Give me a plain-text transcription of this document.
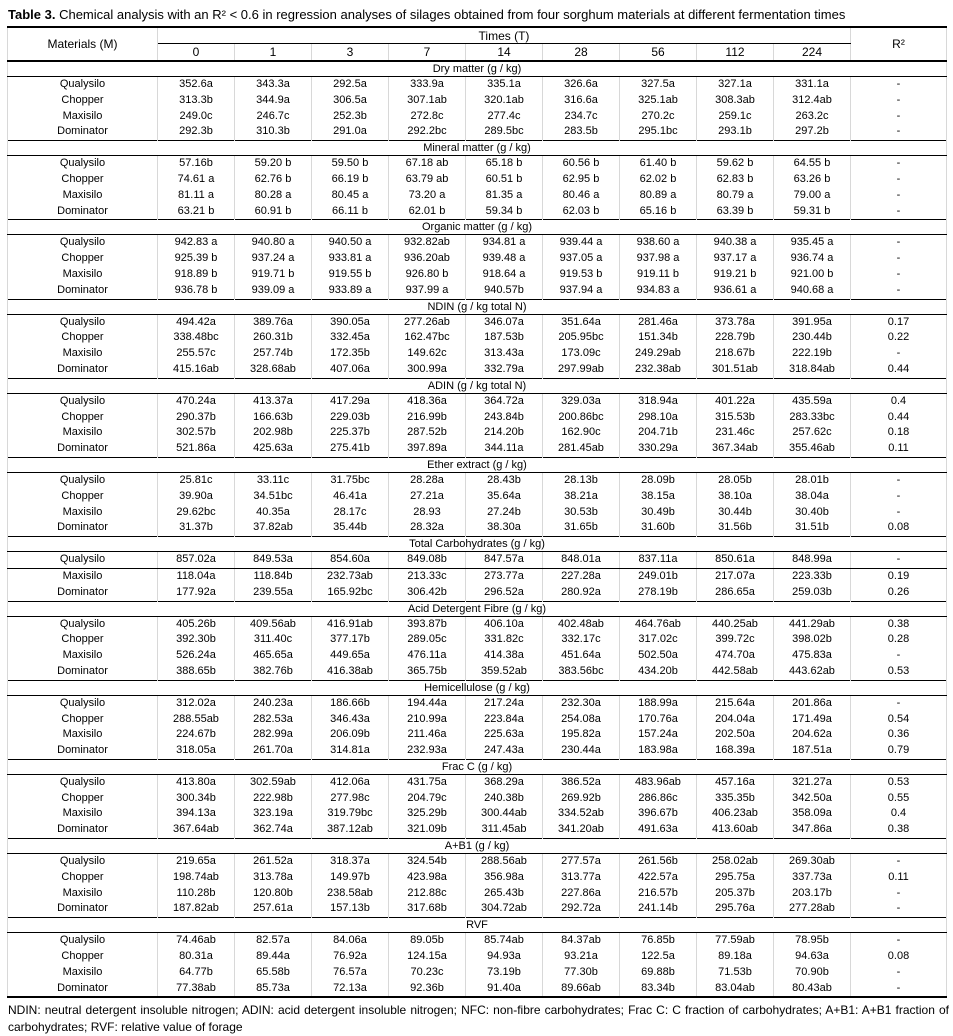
Table 3. Chemical analysis with an R² < 0.6 in regression analyses of silages obtained from four sorghum materials at different fermentation times
Materials (M)	Times (T)									R²
	0	1	3	7	14	28	56	112	224	
Dry matter (g / kg)										
Qualysilo	352.6a	343.3a	292.5a	333.9a	335.1a	326.6a	327.5a	327.1a	331.1a	-
Chopper	313.3b	344.9a	306.5a	307.1ab	320.1ab	316.6a	325.1ab	308.3ab	312.4ab	-
Maxisilo	249.0c	246.7c	252.3b	272.8c	277.4c	234.7c	270.2c	259.1c	263.2c	-
Dominator	292.3b	310.3b	291.0a	292.2bc	289.5bc	283.5b	295.1bc	293.1b	297.2b	-
Mineral matter (g / kg)										
Qualysilo	57.16b	59.20 b	59.50 b	67.18 ab	65.18 b	60.56 b	61.40 b	59.62 b	64.55 b	-
Chopper	74.61 a	62.76 b	66.19 b	63.79 ab	60.51 b	62.95 b	62.02 b	62.83 b	63.26 b	-
Maxisilo	81.11 a	80.28 a	80.45 a	73.20 a	81.35 a	80.46 a	80.89 a	80.79 a	79.00 a	-
Dominator	63.21 b	60.91 b	66.11 b	62.01 b	59.34 b	62.03 b	65.16 b	63.39 b	59.31 b	-
Organic matter (g / kg)										
Qualysilo	942.83 a	940.80 a	940.50 a	932.82ab	934.81 a	939.44 a	938.60 a	940.38 a	935.45 a	-
Chopper	925.39 b	937.24 a	933.81 a	936.20ab	939.48 a	937.05 a	937.98 a	937.17 a	936.74 a	-
Maxisilo	918.89 b	919.71 b	919.55 b	926.80 b	918.64 a	919.53 b	919.11 b	919.21 b	921.00 b	-
Dominator	936.78 b	939.09 a	933.89 a	937.99 a	940.57b	937.94 a	934.83 a	936.61 a	940.68 a	-
NDIN (g / kg total N)										
Qualysilo	494.42a	389.76a	390.05a	277.26ab	346.07a	351.64a	281.46a	373.78a	391.95a	0.17
Chopper	338.48bc	260.31b	332.45a	162.47bc	187.53b	205.95bc	151.34b	228.79b	230.44b	0.22
Maxisilo	255.57c	257.74b	172.35b	149.62c	313.43a	173.09c	249.29ab	218.67b	222.19b	-
Dominator	415.16ab	328.68ab	407.06a	300.99a	332.79a	297.99ab	232.38ab	301.51ab	318.84ab	0.44
ADIN (g / kg total N)										
Qualysilo	470.24a	413.37a	417.29a	418.36a	364.72a	329.03a	318.94a	401.22a	435.59a	0.4
Chopper	290.37b	166.63b	229.03b	216.99b	243.84b	200.86bc	298.10a	315.53b	283.33bc	0.44
Maxisilo	302.57b	202.98b	225.37b	287.52b	214.20b	162.90c	204.71b	231.46c	257.62c	0.18
Dominator	521.86a	425.63a	275.41b	397.89a	344.11a	281.45ab	330.29a	367.34ab	355.46ab	0.11
Ether extract (g / kg)										
Qualysilo	25.81c	33.11c	31.75bc	28.28a	28.43b	28.13b	28.09b	28.05b	28.01b	-
Chopper	39.90a	34.51bc	46.41a	27.21a	35.64a	38.21a	38.15a	38.10a	38.04a	-
Maxisilo	29.62bc	40.35a	28.17c	28.93	27.24b	30.53b	30.49b	30.44b	30.40b	-
Dominator	31.37b	37.82ab	35.44b	28.32a	38.30a	31.65b	31.60b	31.56b	31.51b	0.08
Total Carbohydrates (g / kg)										
Qualysilo	857.02a	849.53a	854.60a	849.08b	847.57a	848.01a	837.11a	850.61a	848.99a	-
Maxisilo	118.04a	118.84b	232.73ab	213.33c	273.77a	227.28a	249.01b	217.07a	223.33b	0.19
Dominator	177.92a	239.55a	165.92bc	306.42b	296.52a	280.92a	278.19b	286.65a	259.03b	0.26
Acid Detergent Fibre (g / kg)										
Qualysilo	405.26b	409.56ab	416.91ab	393.87b	406.10a	402.48ab	464.76ab	440.25ab	441.29ab	0.38
Chopper	392.30b	311.40c	377.17b	289.05c	331.82c	332.17c	317.02c	399.72c	398.02b	0.28
Maxisilo	526.24a	465.65a	449.65a	476.11a	414.38a	451.64a	502.50a	474.70a	475.83a	-
Dominator	388.65b	382.76b	416.38ab	365.75b	359.52ab	383.56bc	434.20b	442.58ab	443.62ab	0.53
Hemicellulose (g / kg)										
Qualysilo	312.02a	240.23a	186.66b	194.44a	217.24a	232.30a	188.99a	215.64a	201.86a	-
Chopper	288.55ab	282.53a	346.43a	210.99a	223.84a	254.08a	170.76a	204.04a	171.49a	0.54
Maxisilo	224.67b	282.99a	206.09b	211.46a	225.63a	195.82a	157.24a	202.50a	204.62a	0.36
Dominator	318.05a	261.70a	314.81a	232.93a	247.43a	230.44a	183.98a	168.39a	187.51a	0.79
Frac C (g / kg)										
Qualysilo	413.80a	302.59ab	412.06a	431.75a	368.29a	386.52a	483.96ab	457.16a	321.27a	0.53
Chopper	300.34b	222.98b	277.98c	204.79c	240.38b	269.92b	286.86c	335.35b	342.50a	0.55
Maxisilo	394.13a	323.19a	319.79bc	325.29b	300.44ab	334.52ab	396.67b	406.23ab	358.09a	0.4
Dominator	367.64ab	362.74a	387.12ab	321.09b	311.45ab	341.20ab	491.63a	413.60ab	347.86a	0.38
A+B1 (g / kg)										
Qualysilo	219.65a	261.52a	318.37a	324.54b	288.56ab	277.57a	261.56b	258.02ab	269.30ab	-
Chopper	198.74ab	313.78a	149.97b	423.98a	356.98a	313.77a	422.57a	295.75a	337.73a	0.11
Maxisilo	110.28b	120.80b	238.58ab	212.88c	265.43b	227.86a	216.57b	205.37b	203.17b	-
Dominator	187.82ab	257.61a	157.13b	317.68b	304.72ab	292.72a	241.14b	295.76a	277.28ab	-
RVF										
Qualysilo	74.46ab	82.57a	84.06a	89.05b	85.74ab	84.37ab	76.85b	77.59ab	78.95b	-
Chopper	80.31a	89.44a	76.92a	124.15a	94.93a	93.21a	122.5a	89.18a	94.63a	0.08
Maxisilo	64.77b	65.58b	76.57a	70.23c	73.19b	77.30b	69.88b	71.53b	70.90b	-
Dominator	77.38ab	85.73a	72.13a	92.36b	91.40a	89.66ab	83.34b	83.04ab	80.43ab	-
NDIN: neutral detergent insoluble nitrogen; ADIN: acid detergent insoluble nitrogen; NFC: non-fibre carbohydrates; Frac C: C fraction of carbohydrates; A+B1: A+B1 fraction of carbohydrates; RVF: relative value of forage
